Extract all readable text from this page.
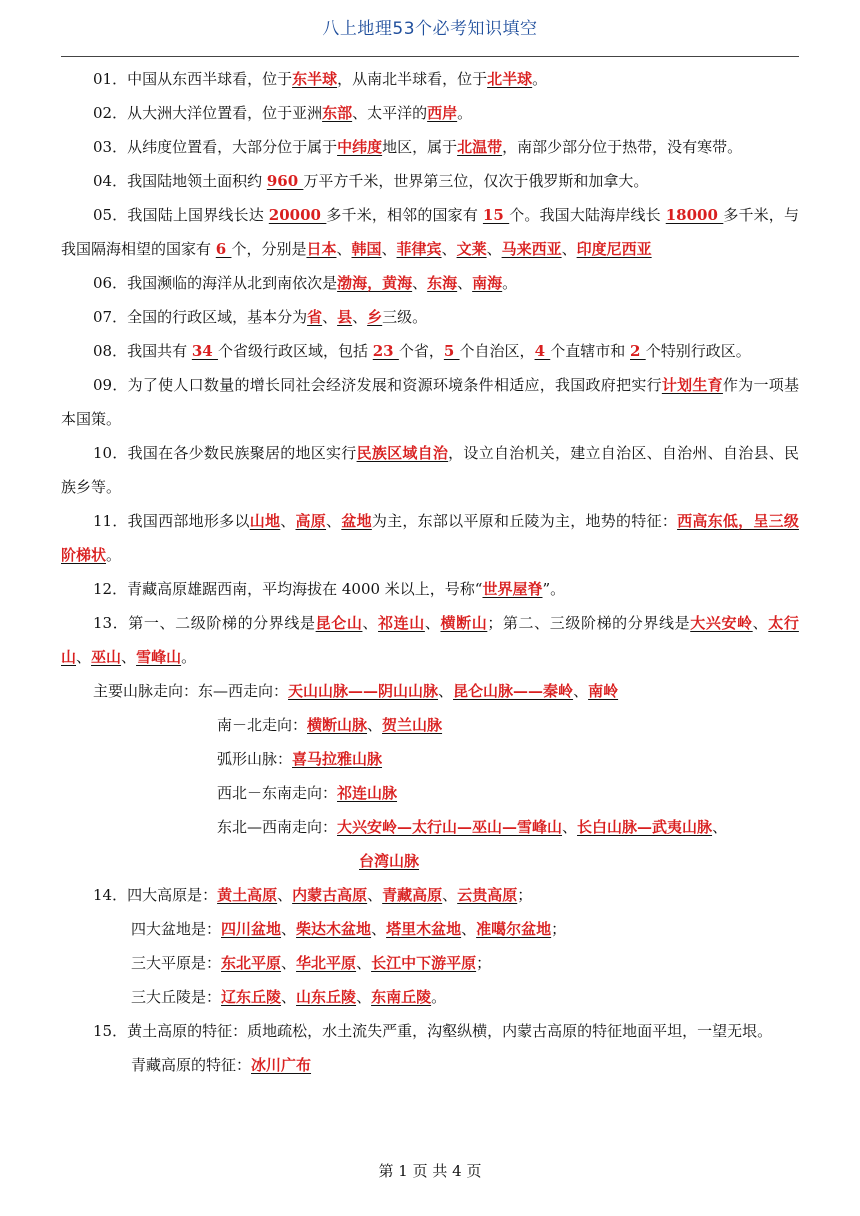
八上地理53个必考知识填空

01．中国从东西半球看，位于东半球，从南北半球看，位于北半球。

02．从大洲大洋位置看，位于亚洲东部、太平洋的西岸。

03．从纬度位置看，大部分位于属于中纬度地区，属于北温带，南部少部分位于热带，没有寒带。

04．我国陆地领土面积约 960 万平方千米，世界第三位，仅次于俄罗斯和加拿大。

05．我国陆上国界线长达 20000 多千米，相邻的国家有 15 个。我国大陆海岸线长 18000 多千米，与我国隔海相望的国家有 6 个，分别是日本、韩国、菲律宾、文莱、马来西亚、印度尼西亚

06．我国濒临的海洋从北到南依次是渤海，黄海、东海、南海。

07．全国的行政区域，基本分为省、县、乡三级。

08．我国共有 34 个省级行政区域，包括 23 个省，5 个自治区，4 个直辖市和 2 个特别行政区。

09．为了使人口数量的增长同社会经济发展和资源环境条件相适应，我国政府把实行计划生育作为一项基本国策。

10．我国在各少数民族聚居的地区实行民族区域自治，设立自治机关，建立自治区、自治州、自治县、民族乡等。

11．我国西部地形多以山地、高原、盆地为主，东部以平原和丘陵为主，地势的特征：西高东低，呈三级阶梯状。

12．青藏高原雄踞西南，平均海拔在 4000 米以上，号称“世界屋脊”。

13．第一、二级阶梯的分界线是昆仑山、祁连山、横断山；第二、三级阶梯的分界线是大兴安岭、太行山、巫山、雪峰山。

主要山脉走向：东—西走向：天山山脉——阴山山脉、昆仑山脉——秦岭、南岭

南－北走向：横断山脉、贺兰山脉

弧形山脉：喜马拉雅山脉

西北－东南走向：祁连山脉

东北—西南走向：大兴安岭—太行山—巫山—雪峰山、长白山脉—武夷山脉、

台湾山脉

14．四大高原是：黄土高原、内蒙古高原、青藏高原、云贵高原；

四大盆地是：四川盆地、柴达木盆地、塔里木盆地、准噶尔盆地；

三大平原是：东北平原、华北平原、长江中下游平原；

三大丘陵是：辽东丘陵、山东丘陵、东南丘陵。

15．黄土高原的特征：质地疏松，水土流失严重，沟壑纵横，内蒙古高原的特征地面平坦，一望无垠。

青藏高原的特征：冰川广布

第 1 页 共 4 页
